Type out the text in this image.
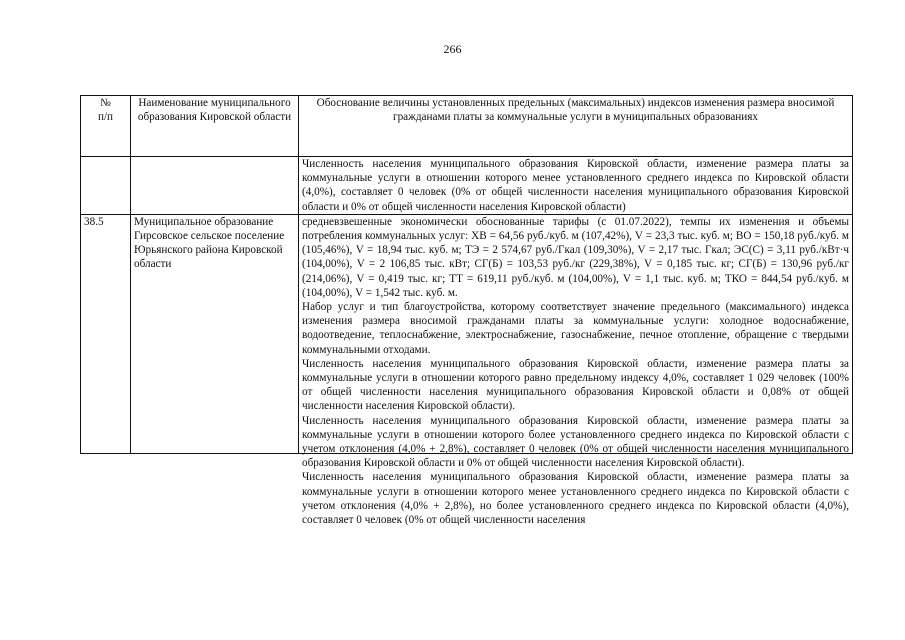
266
№
п/п	Наименование муниципального образования Кировской области	Обоснование величины установленных предельных (максимальных) индексов изменения размера вносимой гражданами платы за коммунальные услуги в муниципальных образованиях
		Численность населения муниципального образования Кировской области, изменение размера платы за коммунальные услуги в отношении которого менее установленного среднего индекса по Кировской области (4,0%), составляет 0 человек (0% от общей численности населения муниципального образования Кировской области и 0% от общей численности населения Кировской области)
38.5	Муниципальное образование Гирсовское сельское поселение Юрьянского района Кировской области	средневзвешенные экономически обоснованные тарифы (с 01.07.2022), темпы их изменения и объемы потребления коммунальных услуг: ХВ = 64,56 руб./куб. м (107,42%), V = 23,3 тыс. куб. м; ВО = 150,18 руб./куб. м (105,46%), V = 18,94 тыс. куб. м; ТЭ = 2 574,67 руб./Гкал (109,30%), V = 2,17 тыс. Гкал; ЭС(С) = 3,11 руб./кВт·ч (104,00%), V = 2 106,85 тыс. кВт; СГ(Б) = 103,53 руб./кг (229,38%), V = 0,185 тыс. кг; СГ(Б) = 130,96 руб./кг (214,06%), V = 0,419 тыс. кг; ТТ = 619,11 руб./куб. м (104,00%), V = 1,1 тыс. куб. м; ТКО = 844,54 руб./куб. м (104,00%), V = 1,542 тыс. куб. м.

Набор услуг и тип благоустройства, которому соответствует значение предельного (максимального) индекса изменения размера вносимой гражданами платы за коммунальные услуги: холодное водоснабжение, водоотведение, теплоснабжение, электроснабжение, газоснабжение, печное отопление, обращение с твердыми коммунальными отходами.

Численность населения муниципального образования Кировской области, изменение размера платы за коммунальные услуги в отношении которого равно предельному индексу 4,0%, составляет 1 029 человек (100% от общей численности населения муниципального образования Кировской области и 0,08% от общей численности населения Кировской области).

Численность населения муниципального образования Кировской области, изменение размера платы за коммунальные услуги в отношении которого более установленного среднего индекса по Кировской области с учетом отклонения (4,0% + 2,8%), составляет 0 человек (0% от общей численности населения муниципального образования Кировской области и 0% от общей численности населения Кировской области).

Численность населения муниципального образования Кировской области, изменение размера платы за коммунальные услуги в отношении которого менее установленного среднего индекса по Кировской области с учетом отклонения (4,0% + 2,8%), но более установленного среднего индекса по Кировской области (4,0%), составляет 0 человек (0% от общей численности населения
